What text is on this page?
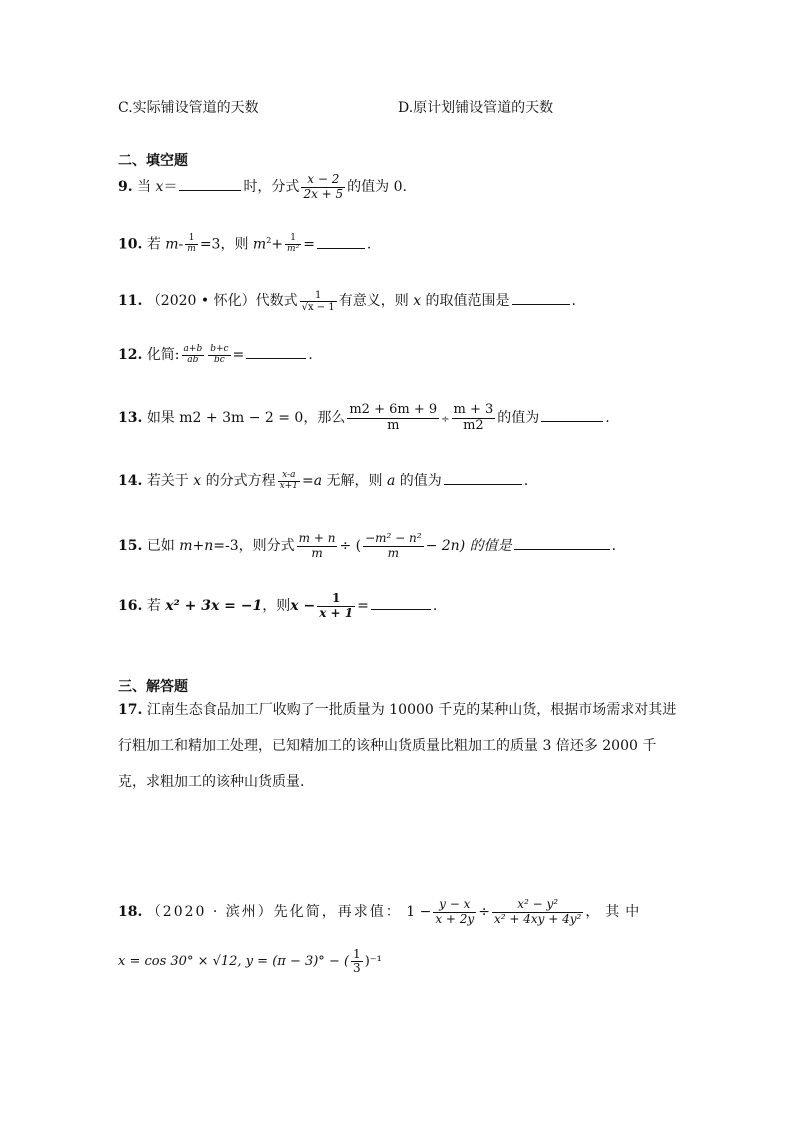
C.实际铺设管道的天数	D.原计划铺设管道的天数
二、填空题
9. 当 x＝	时，分式 $\frac{x - 2}{2x + 5}$ 的值为 0.
10. 若 $m- \frac{1}{m} =3$，则 $m^2+ \frac{1}{\text{m²}}$ =	.
11. （2020 • 怀化）代数式 $\frac{1}{√x - 1}$ 有意义，则 x 的取值范围是	.
12. 化简: $\frac{a+b}{ab} \frac{b+c}{bc}$ =	.
13. 如果 m2 + 3m − 2 = 0，那么 $\frac{m2 + 6m + 9}{m} \div \frac{m + 3}{m2}$ 的值为	.
14. 若关于 x 的分式方程 $\frac{x-a}{x+1} =a$ 无解，则 a 的值为	.
15. 已如 m+n=-3，则分式 $\frac{m + n}{m}$ ÷ ( $\frac{\text{−m² − n²}}{m} - 2n$) 的值是	.
16. 若 x² + 3x = −1，则$x - \frac{1}{x + 1}$ =	.
三、解答题
17. 江南生态食品加工厂收购了一批质量为 10000 千克的某种山货，根据市场需求对其进行粗加工和精加工处理，已知精加工的该种山货质量比粗加工的质量 3 倍还多 2000 千克，求粗加工的该种山货质量.
18. （2020 · 滨州）先化简，再求值： $1 - \frac{y - x}{x + 2y} \div \frac{\text{x² − y²}}{\text{x² + 4xy + 4y²}}$ ，其中
x = cos 30° × √12, y = (π − 3)° − ( $\frac{1}{3} )^{-1}$
